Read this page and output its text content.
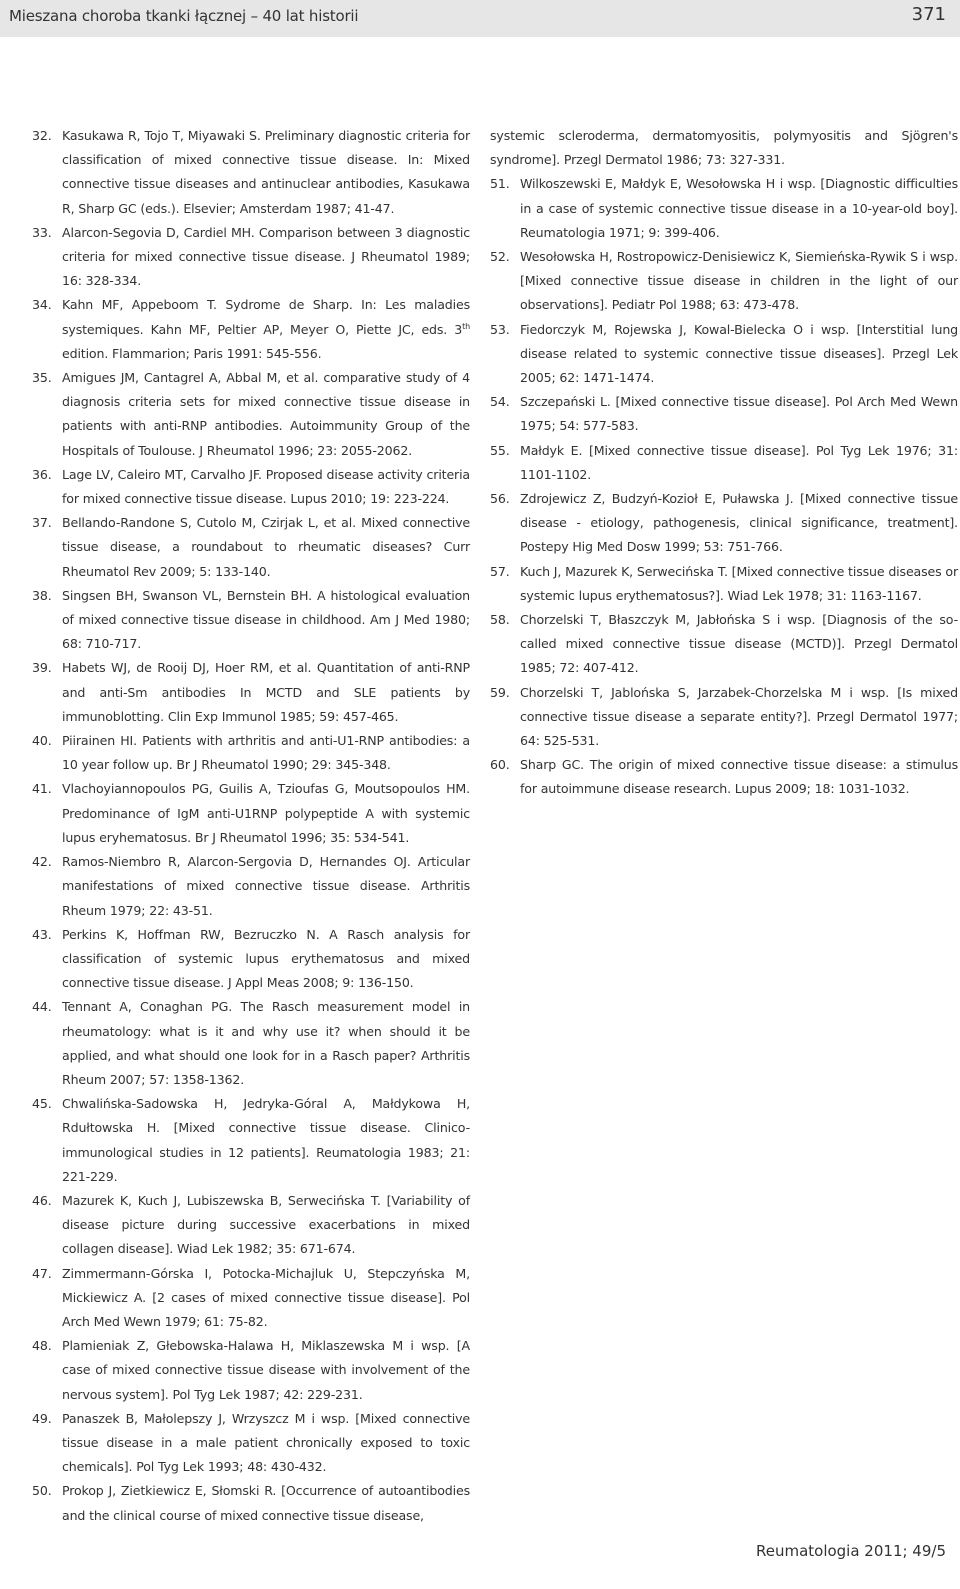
Mieszana choroba tkanki łącznej – 40 lat historii	371
32. Kasukawa R, Tojo T, Miyawaki S. Preliminary diagnostic criteria for classification of mixed connective tissue disease. In: Mixed connective tissue diseases and antinuclear antibodies, Kasukawa R, Sharp GC (eds.). Elsevier; Amsterdam 1987; 41-47.
33. Alarcon-Segovia D, Cardiel MH. Comparison between 3 diagnostic criteria for mixed connective tissue disease. J Rheumatol 1989; 16: 328-334.
34. Kahn MF, Appeboom T. Sydrome de Sharp. In: Les maladies systemiques. Kahn MF, Peltier AP, Meyer O, Piette JC, eds. 3th edition. Flammarion; Paris 1991: 545-556.
35. Amigues JM, Cantagrel A, Abbal M, et al. comparative study of 4 diagnosis criteria sets for mixed connective tissue disease in patients with anti-RNP antibodies. Autoimmunity Group of the Hospitals of Toulouse. J Rheumatol 1996; 23: 2055-2062.
36. Lage LV, Caleiro MT, Carvalho JF. Proposed disease activity criteria for mixed connective tissue disease. Lupus 2010; 19: 223-224.
37. Bellando-Randone S, Cutolo M, Czirjak L, et al. Mixed connective tissue disease, a roundabout to rheumatic diseases? Curr Rheumatol Rev 2009; 5: 133-140.
38. Singsen BH, Swanson VL, Bernstein BH. A histological evaluation of mixed connective tissue disease in childhood. Am J Med 1980; 68: 710-717.
39. Habets WJ, de Rooij DJ, Hoer RM, et al. Quantitation of anti-RNP and anti-Sm antibodies In MCTD and SLE patients by immunoblotting. Clin Exp Immunol 1985; 59: 457-465.
40. Piirainen HI. Patients with arthritis and anti-U1-RNP antibodies: a 10 year follow up. Br J Rheumatol 1990; 29: 345-348.
41. Vlachoyiannopoulos PG, Guilis A, Tzioufas G, Moutsopoulos HM. Predominance of IgM anti-U1RNP polypeptide A with systemic lupus eryhematosus. Br J Rheumatol 1996; 35: 534-541.
42. Ramos-Niembro R, Alarcon-Sergovia D, Hernandes OJ. Articular manifestations of mixed connective tissue disease. Arthritis Rheum 1979; 22: 43-51.
43. Perkins K, Hoffman RW, Bezruczko N. A Rasch analysis for classification of systemic lupus erythematosus and mixed connective tissue disease. J Appl Meas 2008; 9: 136-150.
44. Tennant A, Conaghan PG. The Rasch measurement model in rheumatology: what is it and why use it? when should it be applied, and what should one look for in a Rasch paper? Arthritis Rheum 2007; 57: 1358-1362.
45. Chwalińska-Sadowska H, Jedryka-Góral A, Małdykowa H, Rdułtowska H. [Mixed connective tissue disease. Clinico-immunological studies in 12 patients]. Reumatologia 1983; 21: 221-229.
46. Mazurek K, Kuch J, Lubiszewska B, Serwecińska T. [Variability of disease picture during successive exacerbations in mixed collagen disease]. Wiad Lek 1982; 35: 671-674.
47. Zimmermann-Górska I, Potocka-Michajluk U, Stepczyńska M, Mickiewicz A. [2 cases of mixed connective tissue disease]. Pol Arch Med Wewn 1979; 61: 75-82.
48. Plamieniak Z, Głebowska-Halawa H, Miklaszewska M i wsp. [A case of mixed connective tissue disease with involvement of the nervous system]. Pol Tyg Lek 1987; 42: 229-231.
49. Panaszek B, Małolepszy J, Wrzyszcz M i wsp. [Mixed connective tissue disease in a male patient chronically exposed to toxic chemicals]. Pol Tyg Lek 1993; 48: 430-432.
50. Prokop J, Zietkiewicz E, Słomski R. [Occurrence of autoantibodies and the clinical course of mixed connective tissue disease,
systemic scleroderma, dermatomyositis, polymyositis and Sjögren's syndrome]. Przegl Dermatol 1986; 73: 327-331.
51. Wilkoszewski E, Małdyk E, Wesołowska H i wsp. [Diagnostic difficulties in a case of systemic connective tissue disease in a 10-year-old boy]. Reumatologia 1971; 9: 399-406.
52. Wesołowska H, Rostropowicz-Denisiewicz K, Siemieńska-Rywik S i wsp. [Mixed connective tissue disease in children in the light of our observations]. Pediatr Pol 1988; 63: 473-478.
53. Fiedorczyk M, Rojewska J, Kowal-Bielecka O i wsp. [Interstitial lung disease related to systemic connective tissue diseases]. Przegl Lek 2005; 62: 1471-1474.
54. Szczepański L. [Mixed connective tissue disease]. Pol Arch Med Wewn 1975; 54: 577-583.
55. Małdyk E. [Mixed connective tissue disease]. Pol Tyg Lek 1976; 31: 1101-1102.
56. Zdrojewicz Z, Budzyń-Kozioł E, Puławska J. [Mixed connective tissue disease - etiology, pathogenesis, clinical significance, treatment]. Postepy Hig Med Dosw 1999; 53: 751-766.
57. Kuch J, Mazurek K, Serwecińska T. [Mixed connective tissue diseases or systemic lupus erythematosus?]. Wiad Lek 1978; 31: 1163-1167.
58. Chorzelski T, Błaszczyk M, Jabłońska S i wsp. [Diagnosis of the so-called mixed connective tissue disease (MCTD)]. Przegl Dermatol 1985; 72: 407-412.
59. Chorzelski T, Jablońska S, Jarzabek-Chorzelska M i wsp. [Is mixed connective tissue disease a separate entity?]. Przegl Dermatol 1977; 64: 525-531.
60. Sharp GC. The origin of mixed connective tissue disease: a stimulus for autoimmune disease research. Lupus 2009; 18: 1031-1032.
Reumatologia 2011; 49/5
